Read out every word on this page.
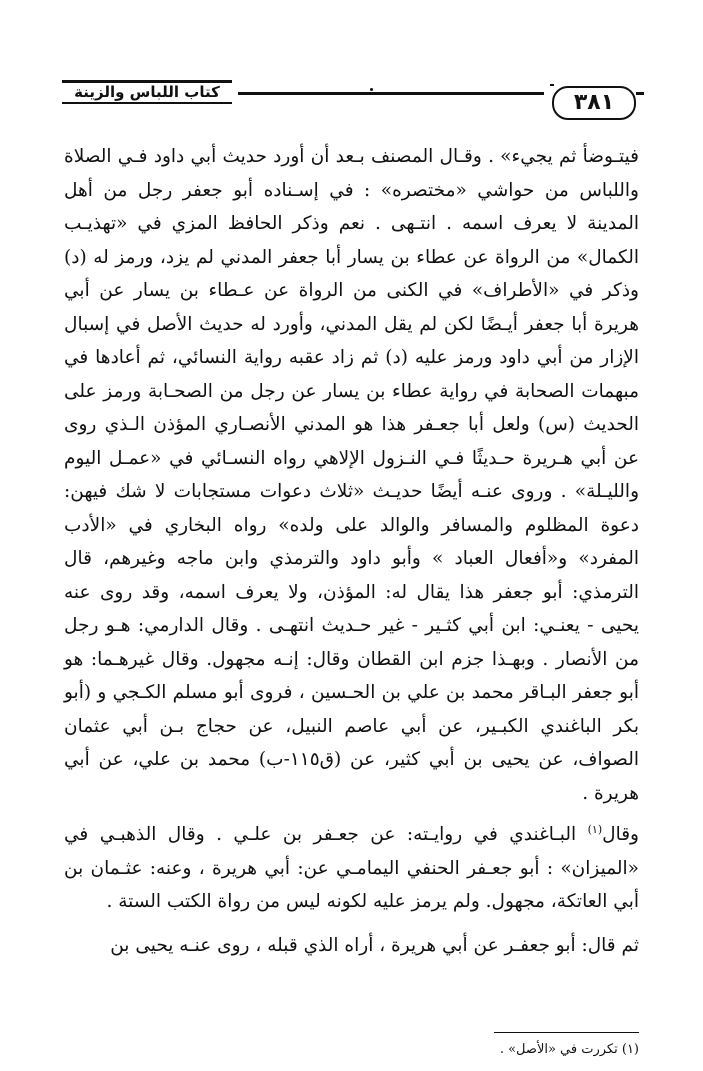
كتاب اللباس والزينة	٣٨١

فيتـوضأ ثم يجيء» . وقـال المصنف بـعد أن أورد حديث أبي داود فـي الصلاة واللباس من حواشي «مختصره» : في إسـناده أبو جعفر رجل من أهل المدينة لا يعرف اسمه . انتـهى . نعم وذكر الحافظ المزي في «تهذيـب الكمال» من الرواة عن عطاء بن يسار أبا جعفر المدني لم يزد، ورمز له (د) وذكر في «الأطراف» في الكنى من الرواة عن عـطاء بن يسار عن أبي هريرة أبا جعفر أيـضًا لكن لم يقل المدني، وأورد له حديث الأصل في إسبال الإزار من أبي داود ورمز عليه (د) ثم زاد عقبه رواية النسائي، ثم أعادها في مبهمات الصحابة في رواية عطاء بن يسار عن رجل من الصحـابة ورمز على الحديث (س) ولعل أبا جعـفر هذا هو المدني الأنصـاري المؤذن الـذي روى عن أبي هـريرة حـديثًا فـي النـزول الإلاهي رواه النسـائي في «عمـل اليوم والليـلة» . وروى عنـه أيضًا حديـث «ثلاث دعوات مستجابات لا شك فيهن: دعوة المظلوم والمسافر والوالد على ولده» رواه البخاري في «الأدب المفرد» و«أفعال العباد » وأبو داود والترمذي وابن ماجه وغيرهم، قال الترمذي: أبو جعفر هذا يقال له: المؤذن، ولا يعرف اسمه، وقد روى عنه يحيى - يعنـي: ابن أبي كثـير - غير حـديث انتهـى . وقال الدارمي: هـو رجل من الأنصار . وبهـذا جزم ابن القطان وقال: إنـه مجهول. وقال غيرهـما: هو أبو جعفر البـاقر محمد بن علي بن الحـسين ، فروى أبو مسلم الكـجي و (أبو بكر الباغندي الكبـير، عن أبي عاصم النبيل، عن حجاج بـن أبي عثمان الصواف، عن يحيى بن أبي كثير، عن (ق١١٥-ب) محمد بن علي، عن أبي هريرة .

وقال$^{(١)}$ البـاغندي في روايـته: عن جعـفر بن علـي . وقال الذهبـي في «الميزان» : أبو جعـفر الحنفي اليمامـي عن: أبي هريرة ، وعنه: عثـمان بن أبي العاتكة، مجهول. ولم يرمز عليه لكونه ليس من رواة الكتب الستة .

ثم قال: أبو جعفـر عن أبي هريرة ، أراه الذي قبله ، روى عنـه يحيى بن

(١) تكررت في «الأصل» .
